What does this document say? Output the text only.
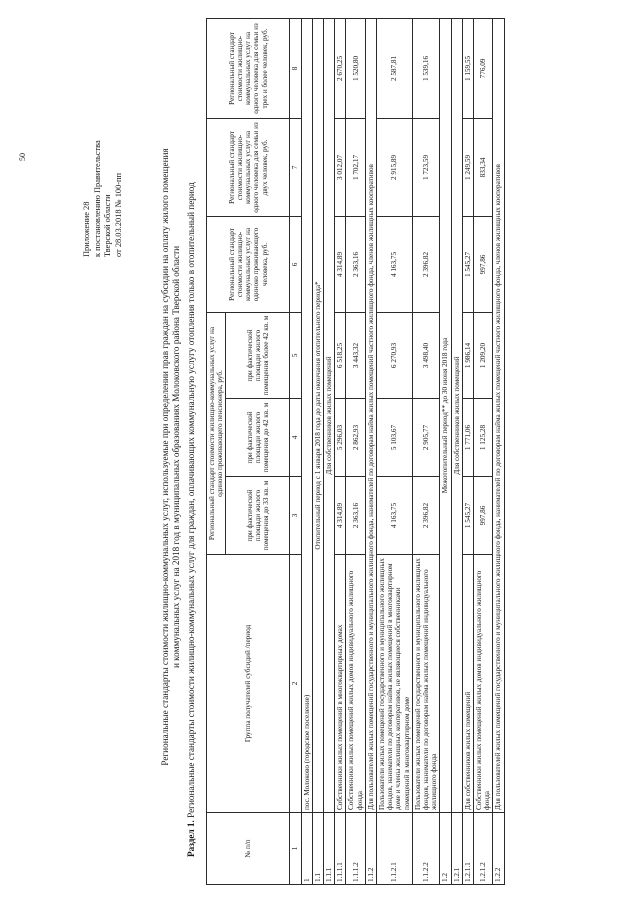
50
Приложение 28 к постановлению Правительства Тверской области от 28.03.2018 № 100-пп	Региональные стандарты стоимости жилищно-коммунальных услуг, используемые при определении прав граждан на субсидии на оплату жилого помещения и коммунальных услуг на 2018 год в муниципальных образованиях Молоковского района Тверской области
Раздел 1. Региональные стандарты стоимости жилищно-коммунальных услуг для граждан, оплачивающих коммунальную услугу отопления только в отопительный период
№ п/п	Группа получателей субсидий /период	Региональный стандарт стоимости жилищно-коммунальных услуг на одиноко проживающего пенсионера, руб.			Региональный стандарт стоимости жилищно-коммунальных услуг на одиноко проживающего человека, руб.	Региональный стандарт стоимости жилищно-коммунальных услуг на одного человека для семьи из двух человек, руб.	Региональный стандарт стоимости жилищно-коммунальных услуг на одного человека для семьи из трех и более человек, руб.
		при фактической площади жилого помещения до 33 кв. м	при фактической площади жилого помещения до 42 кв. м	при фактической площади жилого помещения более 42 кв. м			
1	2	3	4	5	6	7	8
1	пос. Молоково (городское поселение)						
1.1	Отопительный период с 1 января 2018 года до даты окончания отопительного периода*						
1.1.1	Для собственников жилых помещений						
1.1.1.1	Собственники жилых помещений в многоквартирных домах	4 314,89	5 296,03	6 518,25	4 314,89	3 012,07	2 670,25
1.1.1.2	Собственники жилых помещений жилых домов индивидуального жилищного фонда	2 363,16	2 862,93	3 443,32	2 363,16	1 702,17	1 520,80
1.1.2	Для пользователей жилых помещений государственного и муниципального жилищного фонда, нанимателей по договорам найма жилых помещений частного жилищного фонда, членов жилищных кооперативов						
1.1.2.1	Пользователи жилых помещений государственного и муниципального жилищных фондов, наниматели по договорам найма жилых помещений в многоквартирном доме и члены жилищных кооперативов, не являющиеся собственниками помещений в многоквартирном доме	4 163,75	5 103,67	6 270,93	4 163,75	2 915,89	2 587,81
1.1.2.2	Пользователи жилых помещений государственного и муниципального жилищных фондов, наниматели по договорам найма жилых помещений индивидуального жилищного фонда	2 396,82	2 905,77	3 498,40	2 396,82	1 723,59	1 539,16
1.2	Межотопительный период** до 30 июня 2018 года						
1.2.1	Для собственников жилых помещений						
1.2.1.1	Для собственников жилых помещений	1 545,27	1 771,06	1 986,14	1 545,27	1 249,59	1 159,55
1.2.1.2	Собственники жилых помещений жилых домов индивидуального жилищного фонда	997,86	1 125,28	1 209,20	997,86	833,34	776,09
1.2.2	Для пользователей жилых помещений государственного и муниципального жилищного фонда, нанимателей по договорам найма жилых помещений частного жилищного фонда, членов жилищных кооперативов						
